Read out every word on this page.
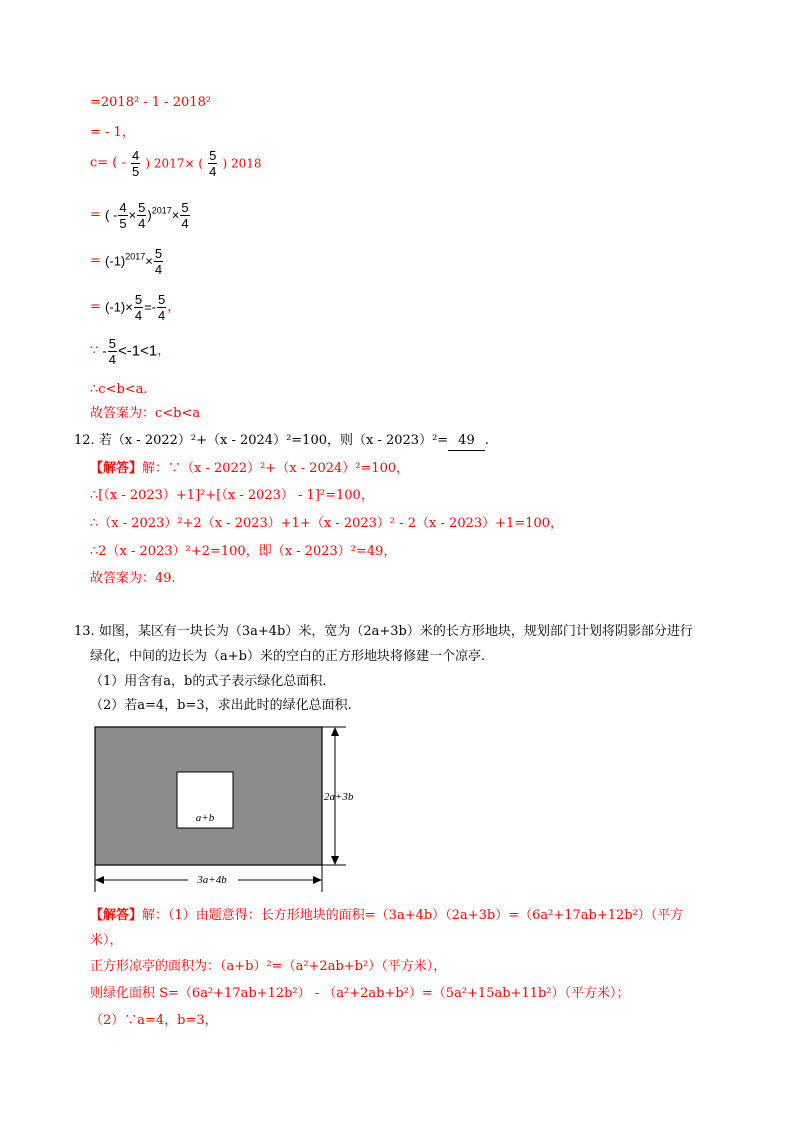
=2018² - 1 - 2018²
= - 1，
c= ( - $\frac{4}{5}$ ) 2017× ( $\frac{5}{4}$ ) 2018
= ( - $\frac{4}{5} \times \frac{5}{4} )^{2017}\times \frac{5}{4}$
= $(-1)^{2017}\times \frac{5}{4}$
= $(-1)\times \frac{5}{4} =- \frac{5}{4}$ ，
∵ - $\frac{5}{4} <-1<1$，
∴c<b<a.
故答案为：c<b<a
12. 若（x - 2022）²+（x - 2024）²=100，则（x - 2023）²= 49 .
【解答】解：∵（x - 2022）²+（x - 2024）²=100，
∴[（x - 2023）+1]²+[（x - 2023） - 1]²=100，
∴（x - 2023）²+2（x - 2023）+1+（x - 2023）² - 2（x - 2023）+1=100，
∴2（x - 2023）²+2=100，即（x - 2023）²=49，
故答案为：49.
13. 如图，某区有一块长为（3a+4b）米，宽为（2a+3b）米的长方形地块，规划部门计划将阴影部分进行
绿化，中间的边长为（a+b）米的空白的正方形地块将修建一个凉亭.
（1）用含有a，b的式子表示绿化总面积.
（2）若a=4，b=3，求出此时的绿化总面积.
a+b
2a+3b
3a+4b
【解答】解：（1）由题意得：长方形地块的面积=（3a+4b）（2a+3b）=（6a²+17ab+12b²）（平方
米），
正方形凉亭的面积为：（a+b）²=（a²+2ab+b²）（平方米），
则绿化面积 S=（6a²+17ab+12b²） - （a²+2ab+b²）=（5a²+15ab+11b²）（平方米）；
（2）∵a=4，b=3，
